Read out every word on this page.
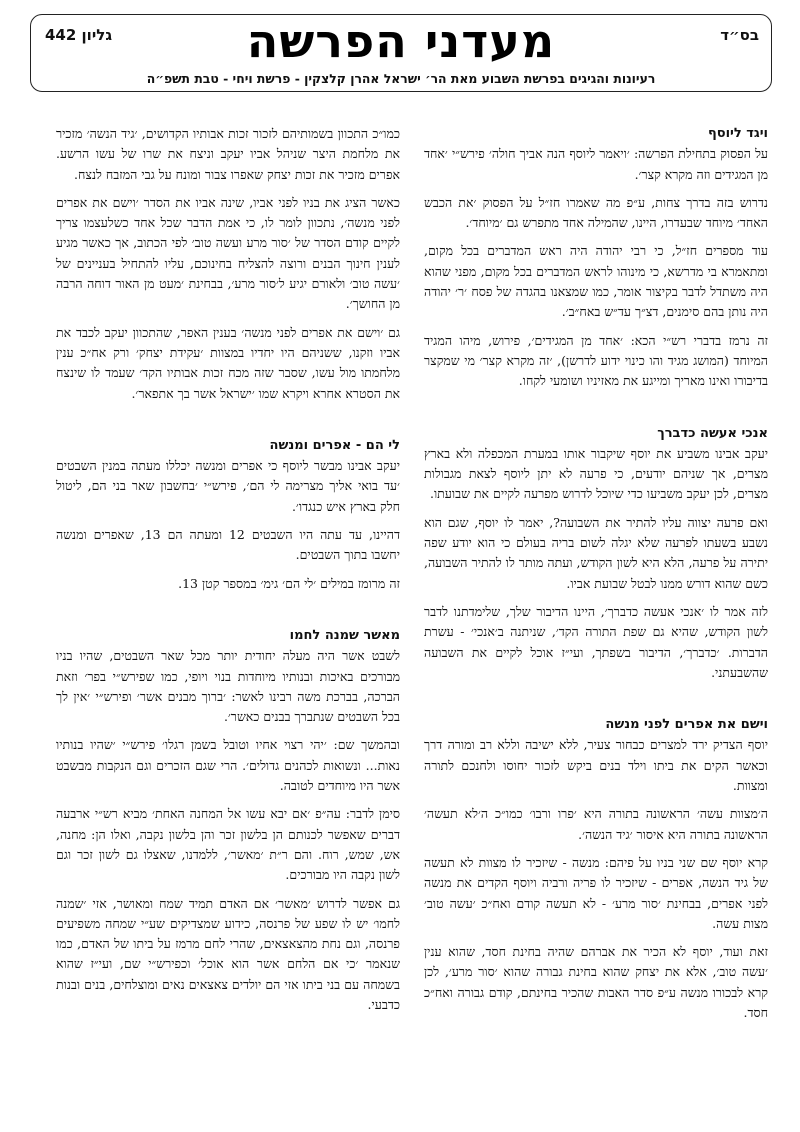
בס״ד
מעדני הפרשה
גליון 442
רעיונות והגיגים בפרשת השבוע מאת הר׳ ישראל אהרן קלצקין - פרשת ויחי - טבת תשפ״ה
ויגד ליוסף

על הפסוק בתחילת הפרשה: ׳ויאמר ליוסף הנה אביך חולה׳ פירש״י ׳אחד מן המגידים וזה מקרא קצר׳.

נדרוש בזה בדרך צחות, ע״פ מה שאמרו חז״ל על הפסוק ׳את הכבש האחד׳ מיוחד שבעדרו, היינו, שהמילה אחד מתפרש גם ׳מיוחד׳.

עוד מספרים חז״ל, כי רבי יהודה היה ראש המדברים בכל מקום, ומתאמרא בי מדרשא, כי מינוהו לראש המדברים בכל מקום, מפני שהוא היה משתדל לדבר בקיצור אומר, כמו שמצאנו בהגדה של פסח ׳ר׳ יהודה היה נותן בהם סימנים, דצ״ך עד״ש באח״ב׳.

זה נרמז בדברי רש״י הכא: ׳אחד מן המגידים׳, פירוש, מיהו המגיד המיוחד (המושג מגיד והו כינוי ידוע לדרשן), ׳זה מקרא קצר׳ מי שמקצר בדיבורו ואינו מאריך ומייגע את מאזיניו ושומעי לקחו.

אנכי אעשה כדברך

יעקב אבינו משביע את יוסף שיקבור אותו במערת המכפלה ולא בארץ מצרים, אך שניהם יודעים, כי פרעה לא יתן ליוסף לצאת מגבולות מצרים, לכן יעקב משביעו כדי שיוכל לדרוש מפרעה לקיים את שבועתו.

ואם פרעה יצווה עליו להתיר את השבועה?, יאמר לו יוסף, שגם הוא נשבע בשעתו לפרעה שלא יגלה לשום בריה בעולם כי הוא יודע שפה יתירה על פרעה, הלא היא לשון הקודש, ועתה מותר לו להתיר השבועה, כשם שהוא דורש ממנו לבטל שבועת אביו.

לזה אמר לו ׳אנכי אעשה כדברך׳, היינו הדיבור שלך, שלימדתנו לדבר לשון הקודש, שהיא גם שפת התורה הקד׳, שניתנה ב׳אנכי׳ - עשרת הדברות. ׳כדברך׳, הדיבור בשפתך, ועי״ז אוכל לקיים את השבועה שהשבעתני.

וישם את אפרים לפני מנשה

יוסף הצדיק ירד למצרים כבחור צעיר, ללא ישיבה וללא רב ומורה דרך וכאשר הקים את ביתו וילד בנים ביקש לזכור יחוסו ולחנכם לתורה ומצוות.

ה׳מצוות עשה׳ הראשונה בתורה היא ׳פרו ורבו׳ כמו״כ ה׳לא תעשה׳ הראשונה בתורה היא איסור ׳גיד הנשה׳.

קרא יוסף שם שני בניו על פיהם: מנשה - שיזכיר לו מצוות לא תעשה של גיד הנשה, אפרים - שיזכיר לו פריה ורביה ויוסף הקדים את מנשה לפני אפרים, בבחינת ׳סור מרע׳ - לא תעשה קודם ואח״כ ׳עשה טוב׳ מצות עשה.

זאת ועוד, יוסף לא הכיר את אברהם שהיה בחינת חסד, שהוא ענין ׳עשה טוב׳, אלא את יצחק שהוא בחינת גבורה שהוא ׳סור מרע׳, לכן קרא לבכורו מנשה ע״פ סדר האבות שהכיר בחינתם, קודם גבורה ואח״כ חסד.

כמו״כ התכוון בשמותיהם לזכור זכות אבותיו הקדושים, ׳גיד הנשה׳ מזכיר את מלחמת היצר שניהל אביו יעקב וניצח את שרו של עשו הרשע. אפרים מזכיר את זכות יצחק שאפרו צבור ומונח על גבי המזבח לנצח.

כאשר הציג את בניו לפני אביו, שינה אביו את הסדר ׳וישם את אפרים לפני מנשה׳, נתכוון לומר לו, כי אמת הדבר שכל אחד כשלעצמו צריך לקיים קודם הסדר של ׳סור מרע ועשה טוב׳ לפי הכתוב, אך כאשר מגיע לענין חינוך הבנים ורוצה להצליח בחינוכם, עליו להתחיל בעניינים של ׳עשה טוב׳ ולאורם יגיע ל׳סור מרע׳, בבחינת ׳מעט מן האור דוחה הרבה מן החושך׳.

גם ׳וישם את אפרים לפני מנשה׳ בענין האפר, שהתכוון יעקב לכבד את אביו וזקנו, ששניהם היו יחדיו במצוות ׳עקידת יצחק׳ ורק אח״כ ענין מלחמתו מול עשו, שסבר שזה מכח זכות אבותיו הקד׳ שעמד לו שינצח את הסטרא אחרא ויקרא שמו ׳ישראל אשר בך אתפאר׳.

לי הם - אפרים ומנשה

יעקב אבינו מבשר ליוסף כי אפרים ומנשה יכללו מעתה במנין השבטים ׳עד בואי אליך מצרימה לי הם׳, פירש״י ׳בחשבון שאר בני הם, ליטול חלק בארץ איש כנגדו׳.

דהיינו, עד עתה היו השבטים 12 ומעתה הם 13, שאפרים ומנשה יחשבו בתוך השבטים.

זה מרומז במילים ׳לי הם׳ גימ׳ במספר קטן 13.

מאשר שמנה לחמו

לשבט אשר היה מעלה יחודית יותר מכל שאר השבטים, שהיו בניו מבורכים באיכות ובנותיו מיוחדות בנוי ויופי, כמו שפירש״י בפר׳ וזאת הברכה, בברכת משה רבינו לאשר: ׳ברוך מבנים אשר׳ ופירש״י ׳אין לך בכל השבטים שנתברך בבנים כאשר׳.

ובהמשך שם: ׳יהי רצוי אחיו וטובל בשמן רגלו׳ פירש״י ׳שהיו בנותיו נאות... ונשואות לכהנים גדולים׳. הרי שגם הזכרים וגם הנקבות מבשבט אשר היו מיוחדים לטובה.

סימן לדבר: עה״פ ׳אם יבא עשו אל המחנה האחת׳ מביא רש״י ארבעה דברים שאפשר לכנותם הן בלשון זכר והן בלשון נקבה, ואלו הן: מחנה, אש, שמש, רוח. והם ר״ת ׳מאשר׳, ללמדנו, שאצלו גם לשון זכר וגם לשון נקבה היו מבורכים.

גם אפשר לדרוש ׳מאשר׳ אם האדם תמיד שמח ומאושר, אזי ׳שמנה לחמו׳ יש לו שפע של פרנסה, כידוע שמצדיקים שע״י שמחה משפיעים פרנסה, וגם נחת מהצאצאים, שהרי לחם מרמז על ביתו של האדם, כמו שנאמר ׳כי אם הלחם אשר הוא אוכל׳ וכפירש״י שם, ועי״ז שהוא בשמחה עם בני ביתו אזי הם יולדים צאצאים נאים ומוצלחים, בנים ובנות כדבעי.
